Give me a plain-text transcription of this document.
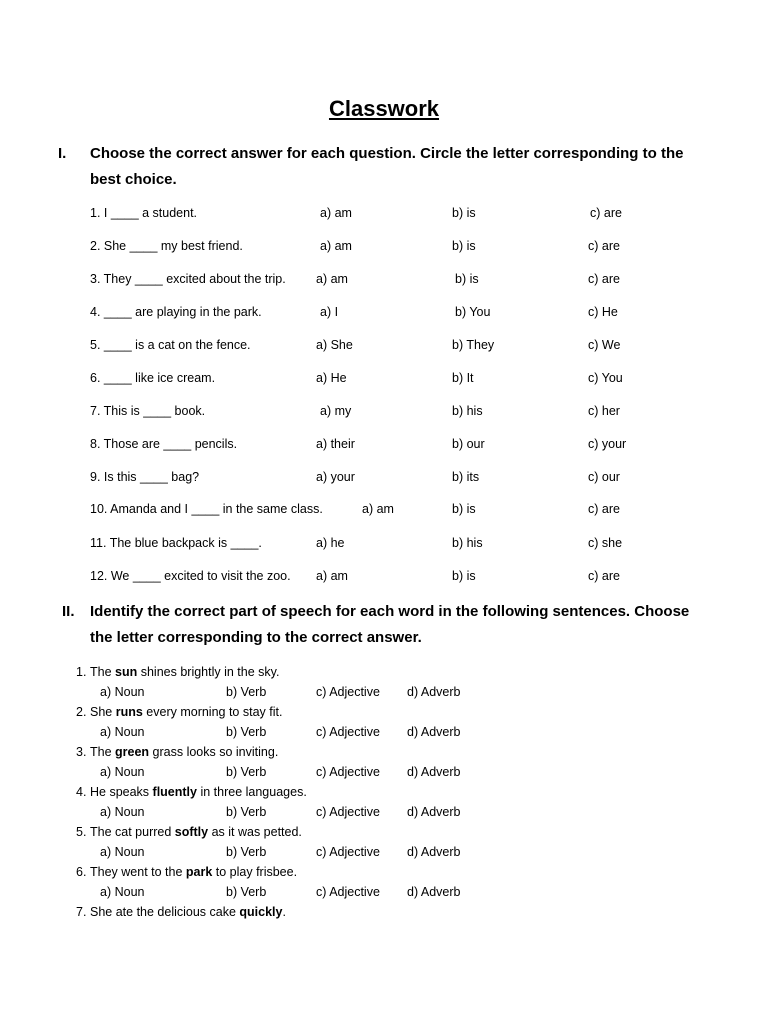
Classwork
I. Choose the correct answer for each question. Circle the letter corresponding to the best choice.
1. I ____ a student.	a) am	b) is	c) are
2. She ____ my best friend.	a) am	b) is	c) are
3. They ____ excited about the trip. a) am	b) is	c) are
4. ____ are playing in the park.	a) I	b) You	c) He
5. ____ is a cat on the fence.	a) She	b) They	c) We
6. ____ like ice cream.	a) He	b) It	c) You
7. This is ____ book.	a) my	b) his	c) her
8. Those are ____ pencils.	a) their	b) our	c) your
9. Is this ____ bag?	a) your	b) its	c) our
10. Amanda and I ____ in the same class.	a) am	b) is	c) are
11. The blue backpack is ____.	a) he	b) his	c) she
12. We ____ excited to visit the zoo. a) am	b) is	c) are
II. Identify the correct part of speech for each word in the following sentences. Choose the letter corresponding to the correct answer.
1. The sun shines brightly in the sky.
a) Noun	b) Verb	c) Adjective d) Adverb
2. She runs every morning to stay fit.
a) Noun	b) Verb	c) Adjective d) Adverb
3. The green grass looks so inviting.
a) Noun	b) Verb	c) Adjective d) Adverb
4. He speaks fluently in three languages.
a) Noun	b) Verb	c) Adjective d) Adverb
5. The cat purred softly as it was petted.
a) Noun	b) Verb	c) Adjective d) Adverb
6. They went to the park to play frisbee.
a) Noun	b) Verb	c) Adjective d) Adverb
7. She ate the delicious cake quickly.
